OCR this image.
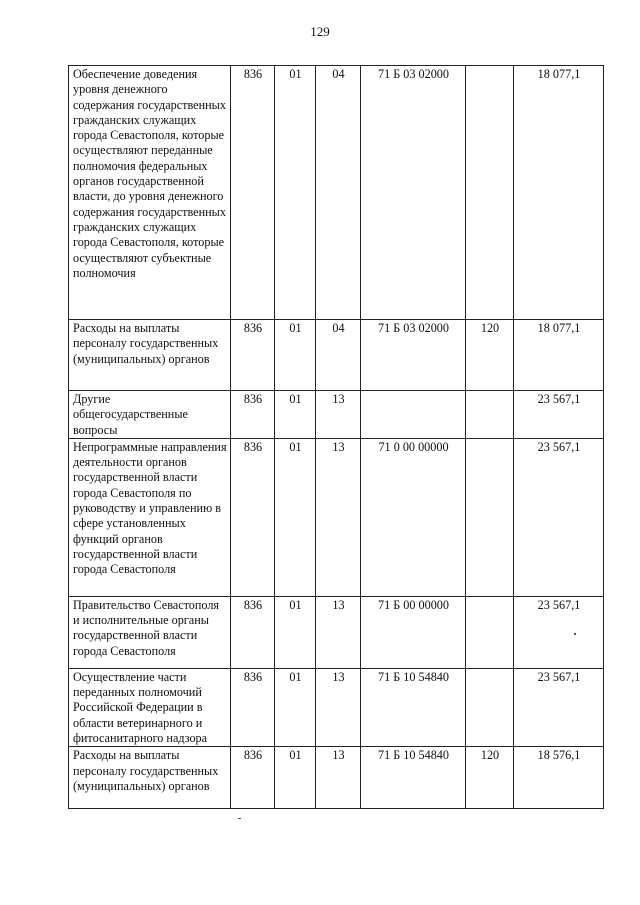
129
Обеспечение доведения уровня денежного содержания государственных гражданских служащих города Севастополя, которые осуществляют переданные полномочия федеральных органов государственной власти, до уровня денежного содержания государственных гражданских служащих города Севастополя, которые осуществляют субъектные полномочия	836	01	04	71 Б 03 02000		18 077,1
Расходы на выплаты персоналу государственных (муниципальных) органов	836	01	04	71 Б 03 02000	120	18 077,1
Другие общегосударственные вопросы	836	01	13			23 567,1
Непрограммные направления деятельности органов государственной власти города Севастополя по руководству и управлению в сфере установленных функций органов государственной власти города Севастополя	836	01	13	71 0 00 00000		23 567,1
Правительство Севастополя и исполнительные органы государственной власти города Севастополя	836	01	13	71 Б 00 00000		23 567,1
Осуществление части переданных полномочий Российской Федерации в области ветеринарного и фитосанитарного надзора	836	01	13	71 Б 10 54840		23 567,1
Расходы на выплаты персоналу государственных (муниципальных) органов	836	01	13	71 Б 10 54840	120	18 576,1
